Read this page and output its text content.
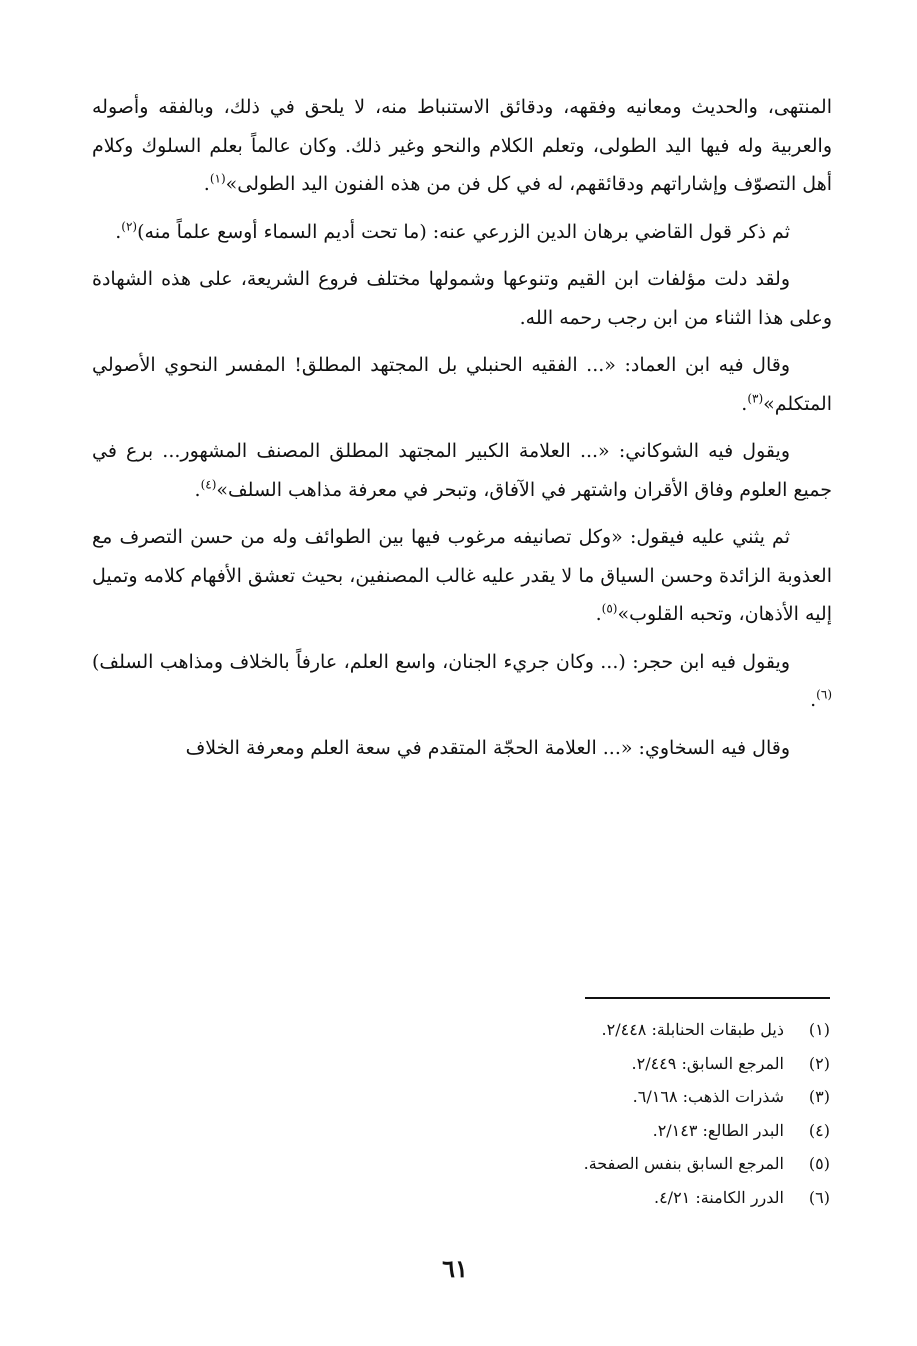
المنتهى، والحديث ومعانيه وفقهه، ودقائق الاستنباط منه، لا يلحق في ذلك، وبالفقه وأصوله والعربية وله فيها اليد الطولى، وتعلم الكلام والنحو وغير ذلك. وكان عالماً بعلم السلوك وكلام أهل التصوّف وإشاراتهم ودقائقهم، له في كل فن من هذه الفنون اليد الطولى»$^{(١)}$.

ثم ذكر قول القاضي برهان الدين الزرعي عنه: (ما تحت أديم السماء أوسع علماً منه)$^{(٢)}$.

ولقد دلت مؤلفات ابن القيم وتنوعها وشمولها مختلف فروع الشريعة، على هذه الشهادة وعلى هذا الثناء من ابن رجب رحمه الله.

وقال فيه ابن العماد: «... الفقيه الحنبلي بل المجتهد المطلق! المفسر النحوي الأصولي المتكلم»$^{(٣)}$.

ويقول فيه الشوكاني: «... العلامة الكبير المجتهد المطلق المصنف المشهور... برع في جميع العلوم وفاق الأقران واشتهر في الآفاق، وتبحر في معرفة مذاهب السلف»$^{(٤)}$.

ثم يثني عليه فيقول: «وكل تصانيفه مرغوب فيها بين الطوائف وله من حسن التصرف مع العذوبة الزائدة وحسن السياق ما لا يقدر عليه غالب المصنفين، بحيث تعشق الأفهام كلامه وتميل إليه الأذهان، وتحبه القلوب»$^{(٥)}$.

ويقول فيه ابن حجر: (... وكان جريء الجنان، واسع العلم، عارفاً بالخلاف ومذاهب السلف)$^{(٦)}$.

وقال فيه السخاوي: «... العلامة الحجّة المتقدم في سعة العلم ومعرفة الخلاف

(١)
ذيل طبقات الحنابلة: ٢/٤٤٨.
(٢)
المرجع السابق: ٢/٤٤٩.
(٣)
شذرات الذهب: ٦/١٦٨.
(٤)
البدر الطالع: ٢/١٤٣.
(٥)
المرجع السابق بنفس الصفحة.
(٦)
الدرر الكامنة: ٤/٢١.
٦١
